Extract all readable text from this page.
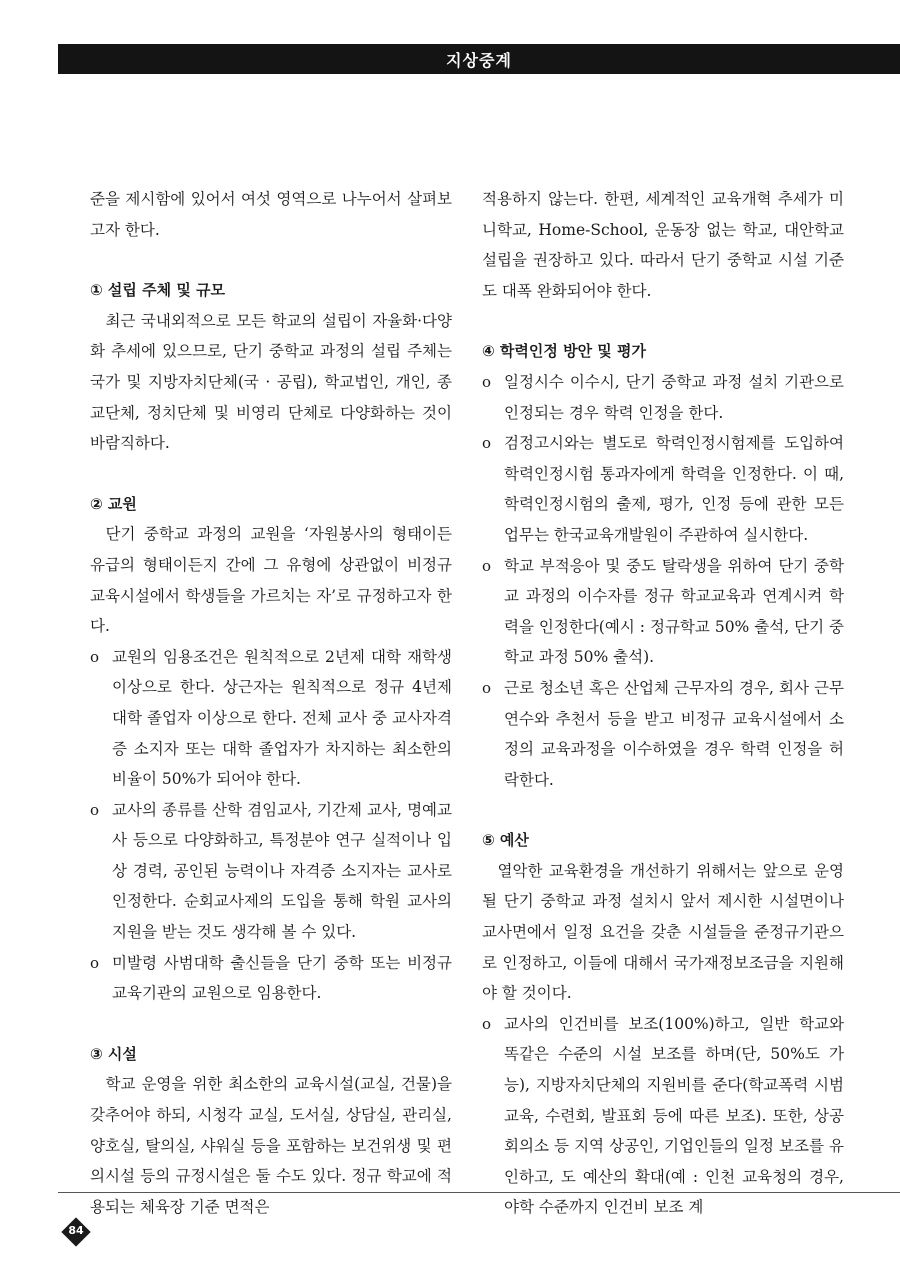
지상중계

준을 제시함에 있어서 여섯 영역으로 나누어서 살펴보고자 한다.

① 설립 주체 및 규모

최근 국내외적으로 모든 학교의 설립이 자율화·다양화 추세에 있으므로, 단기 중학교 과정의 설립 주체는 국가 및 지방자치단체(국 · 공립), 학교법인, 개인, 종교단체, 정치단체 및 비영리 단체로 다양화하는 것이 바람직하다.

② 교원

단기 중학교 과정의 교원을 ‘자원봉사의 형태이든 유급의 형태이든지 간에 그 유형에 상관없이 비정규 교육시설에서 학생들을 가르치는 자’로 규정하고자 한다.

o 교원의 임용조건은 원칙적으로 2년제 대학 재학생 이상으로 한다. 상근자는 원칙적으로 정규 4년제 대학 졸업자 이상으로 한다. 전체 교사 중 교사자격증 소지자 또는 대학 졸업자가 차지하는 최소한의 비율이 50%가 되어야 한다.

o 교사의 종류를 산학 겸임교사, 기간제 교사, 명예교사 등으로 다양화하고, 특정분야 연구 실적이나 입상 경력, 공인된 능력이나 자격증 소지자는 교사로 인정한다. 순회교사제의 도입을 통해 학원 교사의 지원을 받는 것도 생각해 볼 수 있다.

o 미발령 사범대학 출신들을 단기 중학 또는 비정규 교육기관의 교원으로 임용한다.

③ 시설

학교 운영을 위한 최소한의 교육시설(교실, 건물)을 갖추어야 하되, 시청각 교실, 도서실, 상담실, 관리실, 양호실, 탈의실, 샤워실 등을 포함하는 보건위생 및 편의시설 등의 규정시설은 둘 수도 있다. 정규 학교에 적용되는 체육장 기준 면적은

적용하지 않는다. 한편, 세계적인 교육개혁 추세가 미니학교, Home-School, 운동장 없는 학교, 대안학교 설립을 권장하고 있다. 따라서 단기 중학교 시설 기준도 대폭 완화되어야 한다.

④ 학력인정 방안 및 평가

o 일정시수 이수시, 단기 중학교 과정 설치 기관으로 인정되는 경우 학력 인정을 한다.

o 검정고시와는 별도로 학력인정시험제를 도입하여 학력인정시험 통과자에게 학력을 인정한다. 이 때, 학력인정시험의 출제, 평가, 인정 등에 관한 모든 업무는 한국교육개발원이 주관하여 실시한다.

o 학교 부적응아 및 중도 탈락생을 위하여 단기 중학교 과정의 이수자를 정규 학교교육과 연계시켜 학력을 인정한다(예시 : 정규학교 50% 출석, 단기 중학교 과정 50% 출석).

o 근로 청소년 혹은 산업체 근무자의 경우, 회사 근무 연수와 추천서 등을 받고 비정규 교육시설에서 소정의 교육과정을 이수하였을 경우 학력 인정을 허락한다.

⑤ 예산

열악한 교육환경을 개선하기 위해서는 앞으로 운영될 단기 중학교 과정 설치시 앞서 제시한 시설면이나 교사면에서 일정 요건을 갖춘 시설들을 준정규기관으로 인정하고, 이들에 대해서 국가재정보조금을 지원해야 할 것이다.

o 교사의 인건비를 보조(100%)하고, 일반 학교와 똑같은 수준의 시설 보조를 하며(단, 50%도 가능), 지방자치단체의 지원비를 준다(학교폭력 시범교육, 수련회, 발표회 등에 따른 보조). 또한, 상공회의소 등 지역 상공인, 기업인들의 일정 보조를 유인하고, 도 예산의 확대(예 : 인천 교육청의 경우, 야학 수준까지 인건비 보조 계

84
